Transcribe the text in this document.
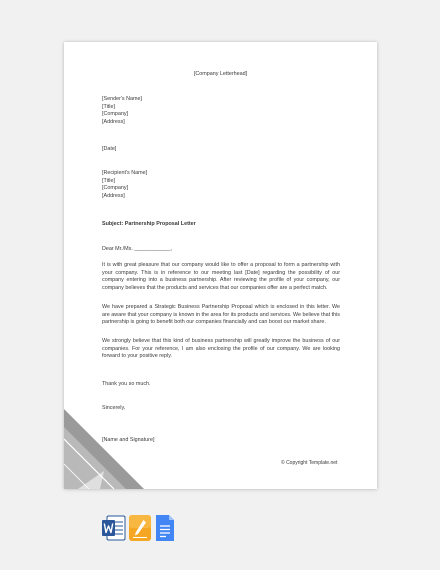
[Company Letterhead]
[Sender's Name]
[Title]
[Company]
[Address]
[Date]
[Recipient's Name]
[Title]
[Company]
[Address]
Subject: Partnership Proposal Letter
Dear Mr./Ms. ____________,
It is with great pleasure that our company would like to offer a proposal to form a partnership with your company. This is in reference to our meeting last [Date] regarding the possibility of our company entering into a business partnership. After reviewing the profile of your company, our company believes that the products and services that our companies offer are a perfect match.
We have prepared a Strategic Business Partnership Proposal which is enclosed in this letter. We are aware that your company is known in the area for its products and services. We believe that this partnership is going to benefit both our companies financially and can boost our market share.
We strongly believe that this kind of business partnership will greatly improve the business of our companies. For your reference, I am also enclosing the profile of our company. We are looking forward to your positive reply.
Thank you so much.
Sincerely,
[Name and Signature]
© Copyright Template.net
